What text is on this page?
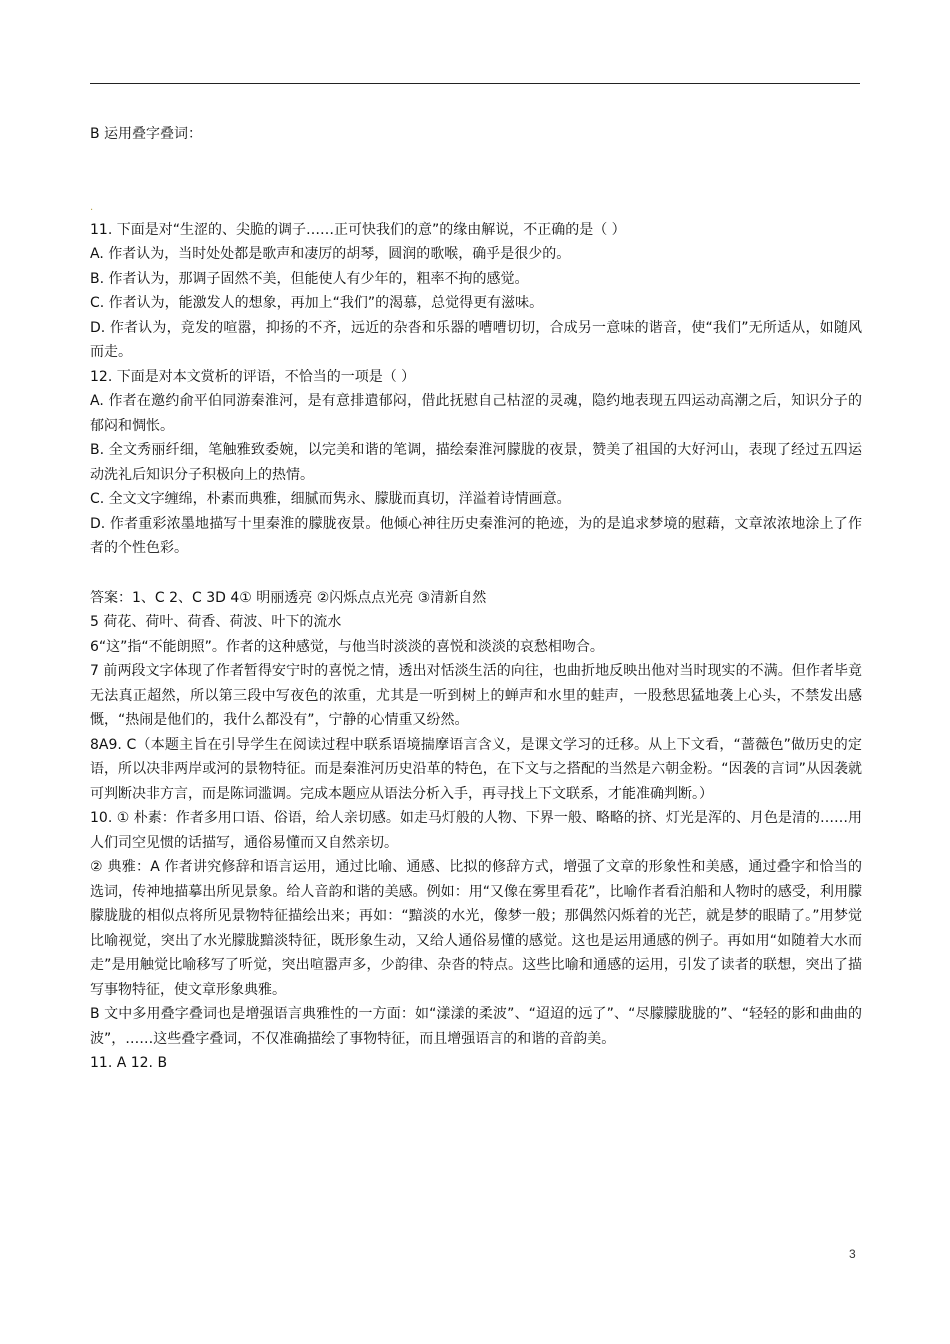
B 运用叠字叠词：

·

11. 下面是对“生涩的、尖脆的调子……正可快我们的意”的缘由解说，不正确的是（ ）

A. 作者认为，当时处处都是歌声和凄厉的胡琴，圆润的歌喉，确乎是很少的。

B. 作者认为，那调子固然不美，但能使人有少年的，粗率不拘的感觉。

C. 作者认为，能激发人的想象，再加上“我们”的渴慕，总觉得更有滋味。

D. 作者认为，竞发的喧嚣，抑扬的不齐，远近的杂沓和乐器的嘈嘈切切，合成另一意味的谐音，使“我们”无所适从，如随风而走。

12. 下面是对本文赏析的评语，不恰当的一项是（ ）

A. 作者在邀约俞平伯同游秦淮河，是有意排遣郁闷，借此抚慰自己枯涩的灵魂，隐约地表现五四运动高潮之后，知识分子的郁闷和惆怅。

B. 全文秀丽纤细，笔触雅致委婉，以完美和谐的笔调，描绘秦淮河朦胧的夜景，赞美了祖国的大好河山，表现了经过五四运动洗礼后知识分子积极向上的热情。

C. 全文文字缠绵，朴素而典雅，细腻而隽永、朦胧而真切，洋溢着诗情画意。

D. 作者重彩浓墨地描写十里秦淮的朦胧夜景。他倾心神往历史秦淮河的艳迹，为的是追求梦境的慰藉，文章浓浓地涂上了作者的个性色彩。

答案：1、C 2、C 3D 4① 明丽透亮 ②闪烁点点光亮 ③清新自然

5 荷花、荷叶、荷香、荷波、叶下的流水

6“这”指“不能朗照”。作者的这种感觉，与他当时淡淡的喜悦和淡淡的哀愁相吻合。

7 前两段文字体现了作者暂得安宁时的喜悦之情，透出对恬淡生活的向往，也曲折地反映出他对当时现实的不满。但作者毕竟无法真正超然，所以第三段中写夜色的浓重，尤其是一听到树上的蝉声和水里的蛙声，一股愁思猛地袭上心头，不禁发出感慨，“热闹是他们的，我什么都没有”，宁静的心情重又纷然。

8A9. C（本题主旨在引导学生在阅读过程中联系语境揣摩语言含义，是课文学习的迁移。从上下文看，“蔷薇色”做历史的定语，所以决非两岸或河的景物特征。而是秦淮河历史沿革的特色，在下文与之搭配的当然是六朝金粉。“因袭的言词”从因袭就可判断决非方言，而是陈词滥调。完成本题应从语法分析入手，再寻找上下文联系，才能准确判断。）

10. ① 朴素：作者多用口语、俗语，给人亲切感。如走马灯般的人物、下界一般、略略的挤、灯光是浑的、月色是清的……用人们司空见惯的话描写，通俗易懂而又自然亲切。

② 典雅：A 作者讲究修辞和语言运用，通过比喻、通感、比拟的修辞方式，增强了文章的形象性和美感，通过叠字和恰当的选词，传神地描摹出所见景象。给人音韵和谐的美感。例如：用“又像在雾里看花”，比喻作者看泊船和人物时的感受，利用朦朦胧胧的相似点将所见景物特征描绘出来；再如：“黯淡的水光，像梦一般；那偶然闪烁着的光芒，就是梦的眼睛了。”用梦觉比喻视觉，突出了水光朦胧黯淡特征，既形象生动，又给人通俗易懂的感觉。这也是运用通感的例子。再如用“如随着大水而走”是用触觉比喻移写了听觉，突出喧嚣声多，少韵律、杂沓的特点。这些比喻和通感的运用，引发了读者的联想，突出了描写事物特征，使文章形象典雅。

B 文中多用叠字叠词也是增强语言典雅性的一方面：如“漾漾的柔波”、“迢迢的远了”、“尽朦朦胧胧的”、“轻轻的影和曲曲的波”，……这些叠字叠词，不仅准确描绘了事物特征，而且增强语言的和谐的音韵美。

11. A 12. B

3
